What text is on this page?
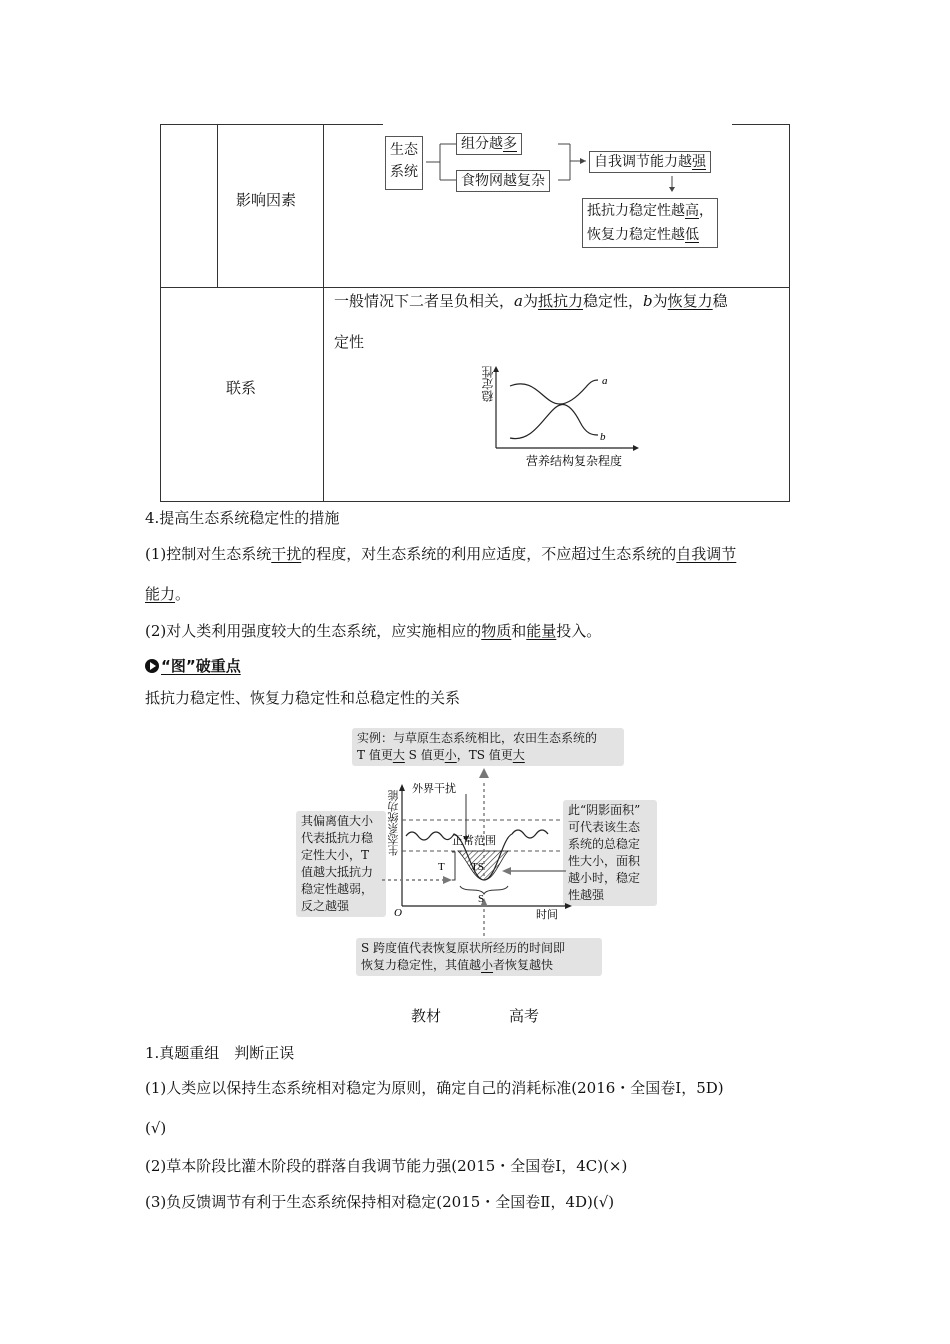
影响因素
联系
生态
系统
组分越多
食物网越复杂
自我调节能力越强
抵抗力稳定性越高，
恢复力稳定性越低
一般情况下二者呈负相关，a为抵抗力稳定性，b为恢复力稳
定性
a
b
营养结构复杂程度
稳定性
4.提高生态系统稳定性的措施
(1)控制对生态系统干扰的程度，对生态系统的利用应适度，不应超过生态系统的自我调节
能力。
(2)对人类利用强度较大的生态系统，应实施相应的物质和能量投入。
“图”破重点
抵抗力稳定性、恢复力稳定性和总稳定性的关系
实例：与草原生态系统相比，农田生态系统的
T 值更大 S 值更小，TS 值更大
其偏离值大小
代表抵抗力稳
定性大小，T
值越大抵抗力
稳定性越弱，
反之越强
此“阴影面积”
可代表该生态
系统的总稳定
性大小，面积
越小时，稳定
性越强
S 跨度值代表恢复原状所经历的时间即
恢复力稳定性，其值越小者恢复越快
外界干扰
正常范围
T TS
S
O	时间
生态系统功能
教材	高考
1.真题重组　判断正误
(1)人类应以保持生态系统相对稳定为原则，确定自己的消耗标准(2016・全国卷Ⅰ，5D)
(√)
(2)草本阶段比灌木阶段的群落自我调节能力强(2015・全国卷Ⅰ，4C)(×)
(3)负反馈调节有利于生态系统保持相对稳定(2015・全国卷Ⅱ，4D)(√)
